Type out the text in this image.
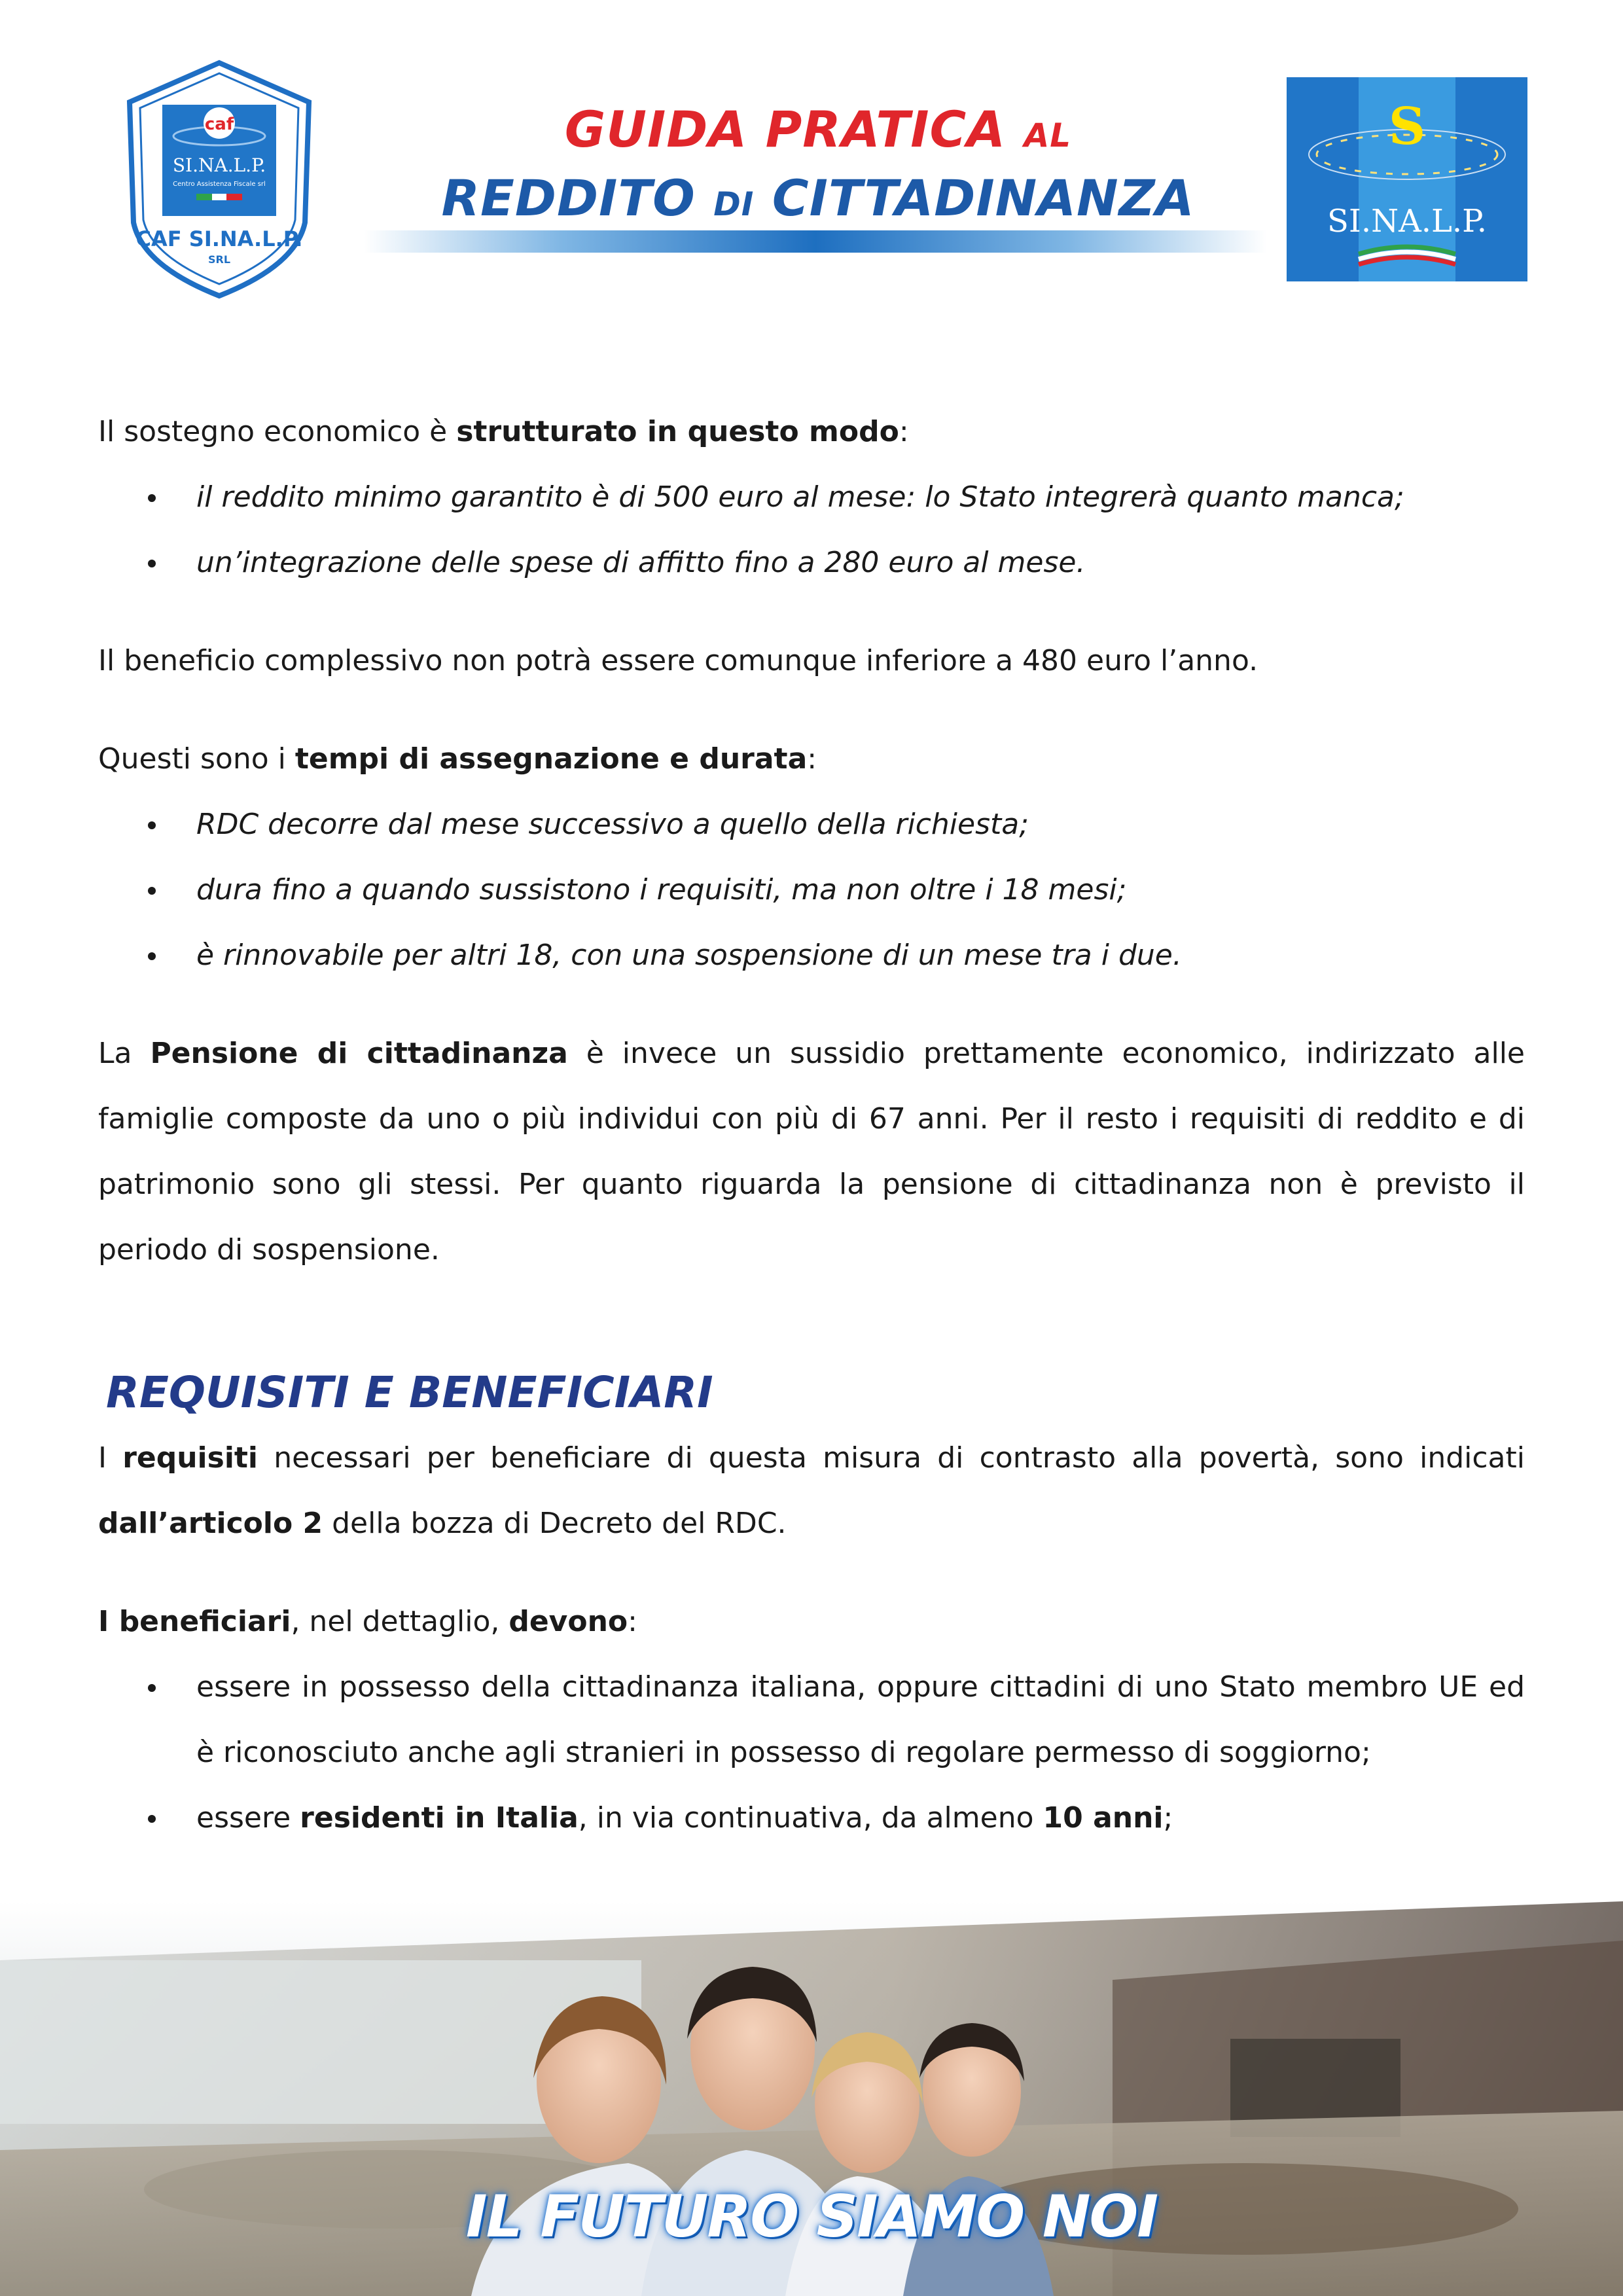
caf
SI.NA.L.P.
Centro Assistenza Fiscale srl
CAF SI.NA.L.P.
SRL
GUIDA PRATICA AL
REDDITO DI CITTADINANZA
S
SI.NA.L.P.

Il sostegno economico è strutturato in questo modo:

il reddito minimo garantito è di 500 euro al mese: lo Stato integrerà quanto manca;
un’integrazione delle spese di affitto fino a 280 euro al mese.

Il beneficio complessivo non potrà essere comunque inferiore a 480 euro l’anno.

Questi sono i tempi di assegnazione e durata:

RDC decorre dal mese successivo a quello della richiesta;
dura fino a quando sussistono i requisiti, ma non oltre i 18 mesi;
è rinnovabile per altri 18, con una sospensione di un mese tra i due.

La Pensione di cittadinanza è invece un sussidio prettamente economico, indirizzato alle famiglie composte da uno o più individui con più di 67 anni. Per il resto i requisiti di reddito e di patrimonio sono gli stessi. Per quanto riguarda la pensione di cittadinanza non è previsto il periodo di sospensione.

REQUISITI E BENEFICIARI

I requisiti necessari per beneficiare di questa misura di contrasto alla povertà, sono indicati dall’articolo 2 della bozza di Decreto del RDC.

I beneficiari, nel dettaglio, devono:

essere in possesso della cittadinanza italiana, oppure cittadini di uno Stato membro UE ed è riconosciuto anche agli stranieri in possesso di regolare permesso di soggiorno;
essere residenti in Italia, in via continuativa, da almeno 10 anni;
IL FUTURO SIAMO NOI
